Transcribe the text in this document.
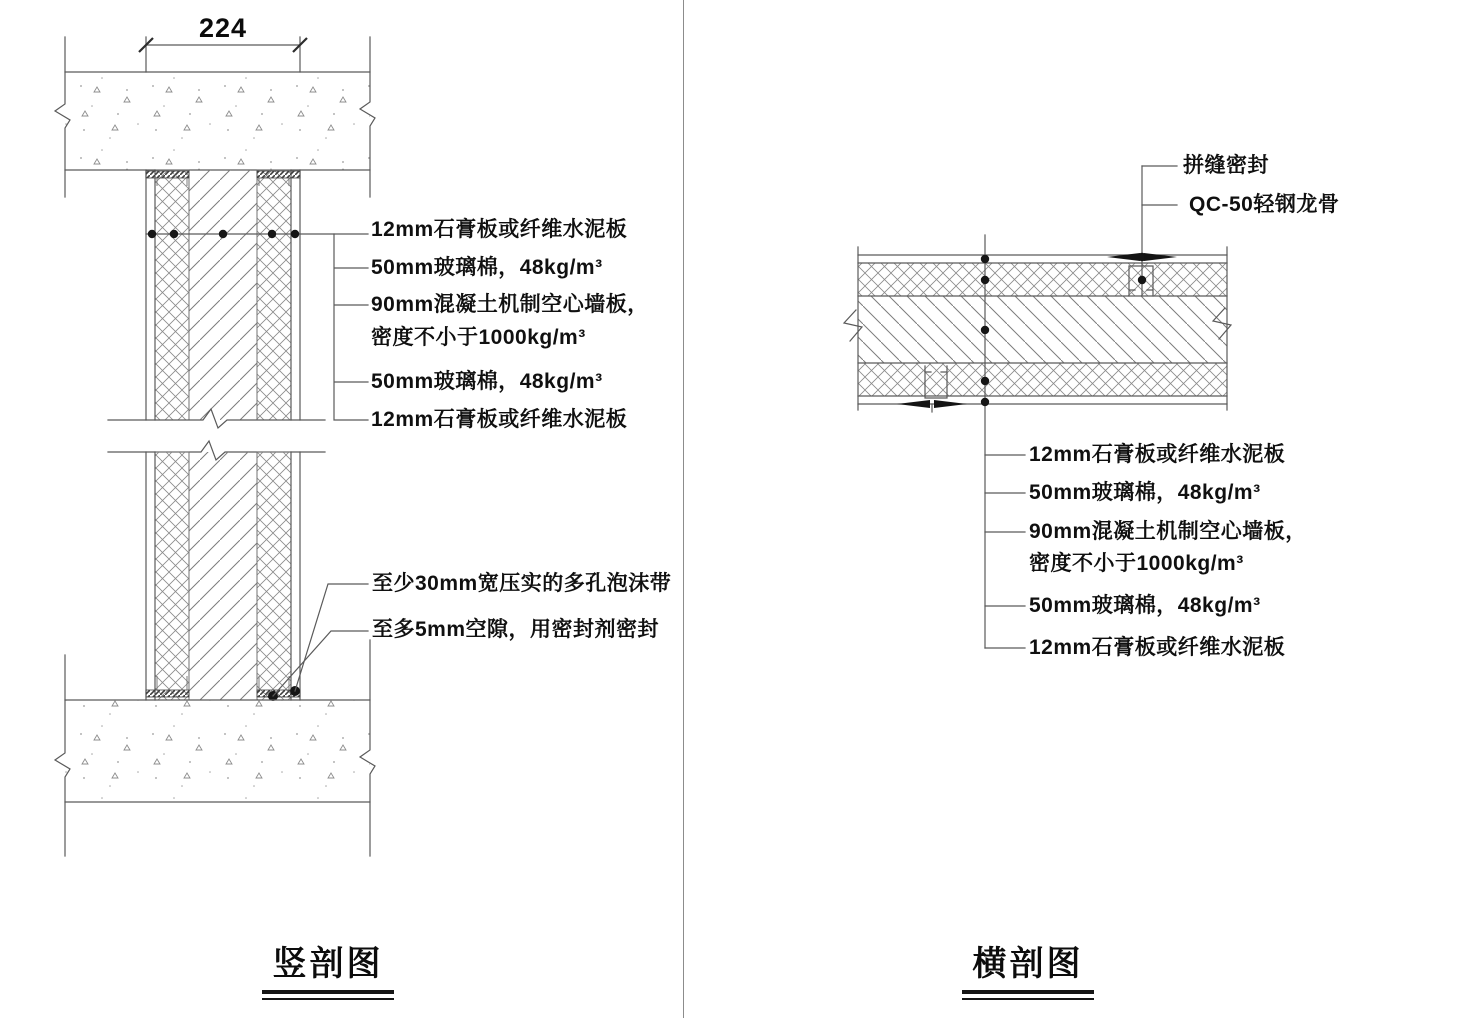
224
12mm石膏板或纤维水泥板
50mm玻璃棉，48kg/m³
90mm混凝土机制空心墙板，
密度不小于1000kg/m³
50mm玻璃棉，48kg/m³
12mm石膏板或纤维水泥板
至少30mm宽压实的多孔泡沫带
至多5mm空隙，用密封剂密封
拼缝密封
QC-50轻钢龙骨
12mm石膏板或纤维水泥板
50mm玻璃棉，48kg/m³
90mm混凝土机制空心墙板，
密度不小于1000kg/m³
50mm玻璃棉，48kg/m³
12mm石膏板或纤维水泥板
竖剖图	横剖图
